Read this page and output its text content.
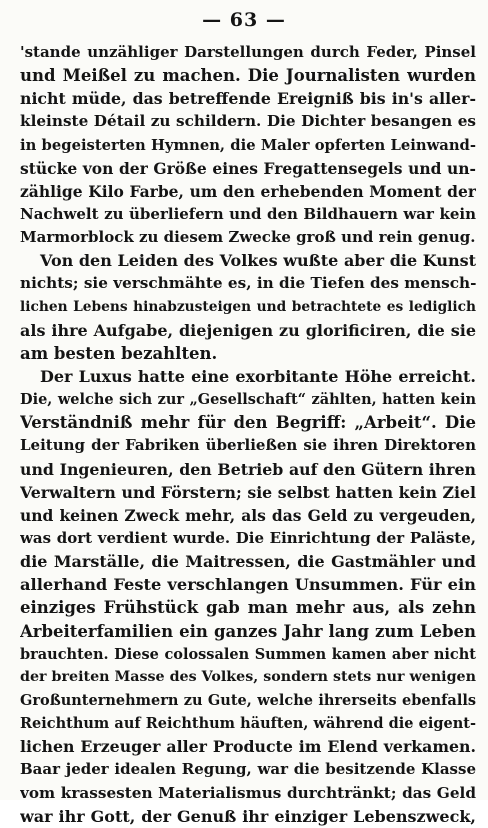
— 63 —
'stande unzähliger Darstellungen durch Feder, Pinsel
und Meißel zu machen. Die Journalisten wurden
nicht müde, das betreffende Ereigniß bis in's aller-
kleinste Détail zu schildern. Die Dichter besangen es
in begeisterten Hymnen, die Maler opferten Leinwand-
stücke von der Größe eines Fregattensegels und un-
zählige Kilo Farbe, um den erhebenden Moment der
Nachwelt zu überliefern und den Bildhauern war kein
Marmorblock zu diesem Zwecke groß und rein genug.
Von den Leiden des Volkes wußte aber die Kunst
nichts; sie verschmähte es, in die Tiefen des mensch-
lichen Lebens hinabzusteigen und betrachtete es lediglich
als ihre Aufgabe, diejenigen zu glorificiren, die sie
am besten bezahlten.
Der Luxus hatte eine exorbitante Höhe erreicht.
Die, welche sich zur „Gesellschaft“ zählten, hatten kein
Verständniß mehr für den Begriff: „Arbeit“. Die
Leitung der Fabriken überließen sie ihren Direktoren
und Ingenieuren, den Betrieb auf den Gütern ihren
Verwaltern und Förstern; sie selbst hatten kein Ziel
und keinen Zweck mehr, als das Geld zu vergeuden,
was dort verdient wurde. Die Einrichtung der Paläste,
die Marställe, die Maitressen, die Gastmähler und
allerhand Feste verschlangen Unsummen. Für ein
einziges Frühstück gab man mehr aus, als zehn
Arbeiterfamilien ein ganzes Jahr lang zum Leben
brauchten. Diese colossalen Summen kamen aber nicht
der breiten Masse des Volkes, sondern stets nur wenigen
Großunternehmern zu Gute, welche ihrerseits ebenfalls
Reichthum auf Reichthum häuften, während die eigent-
lichen Erzeuger aller Producte im Elend verkamen.
Baar jeder idealen Regung, war die besitzende Klasse
vom krassesten Materialismus durchtränkt; das Geld
war ihr Gott, der Genuß ihr einziger Lebenszweck,
